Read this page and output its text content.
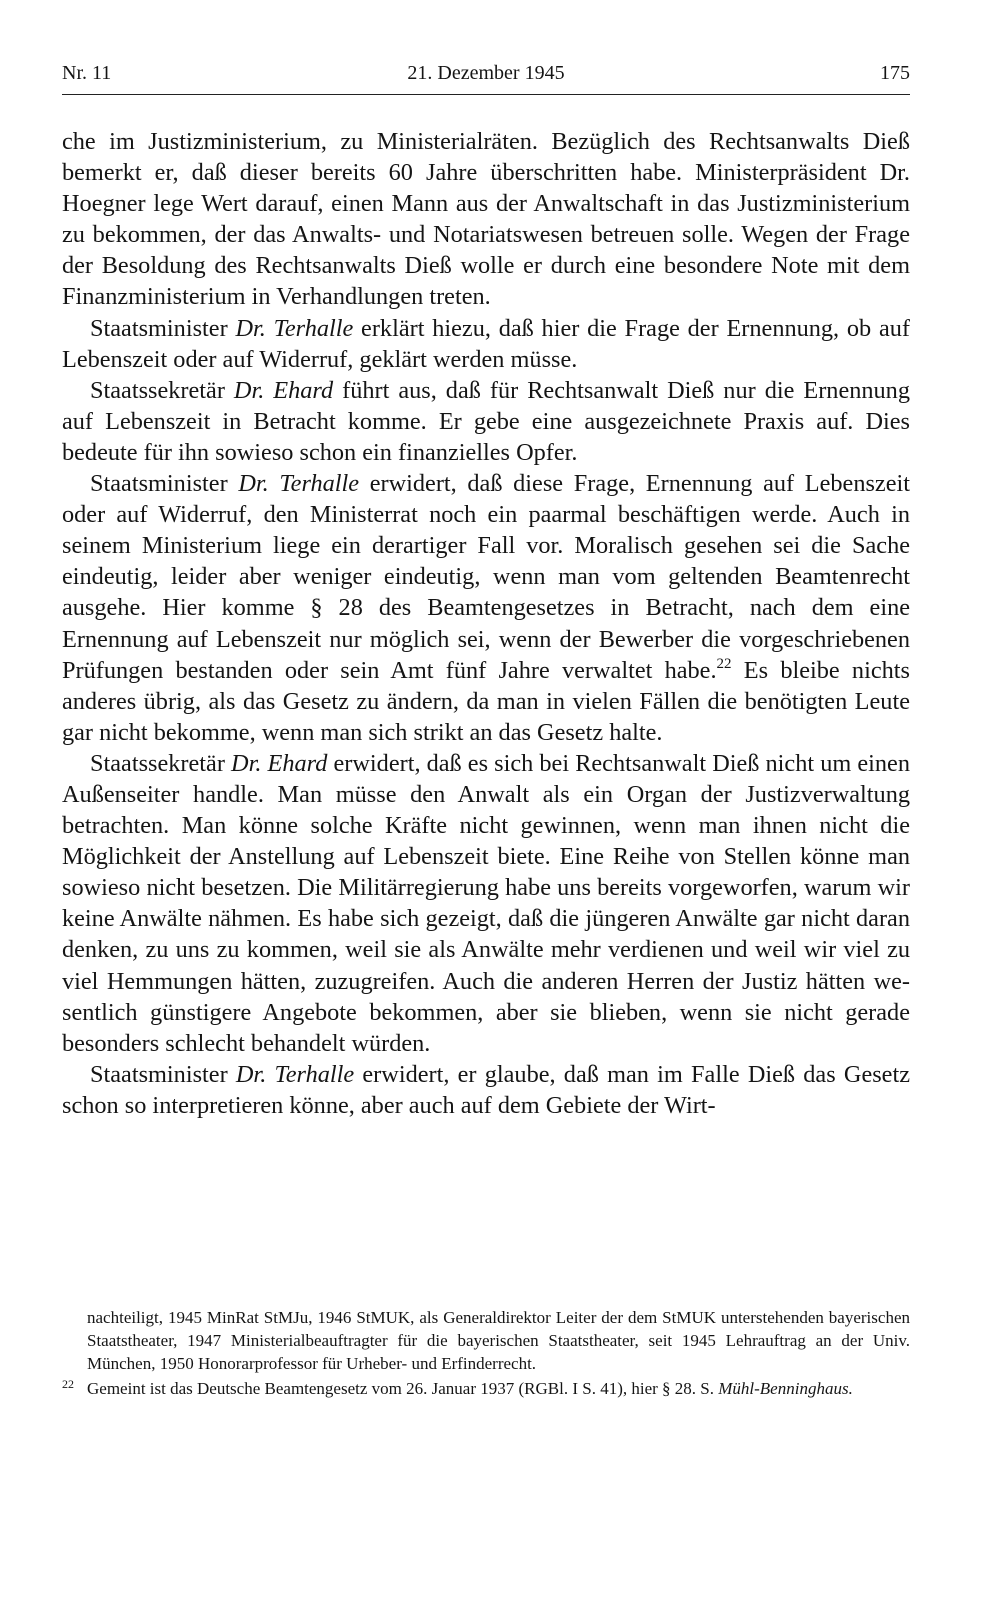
Nr. 11	21. Dezember 1945	175

che im Justizministerium, zu Ministerialräten. Bezüglich des Rechtsanwalts Dieß bemerkt er, daß dieser bereits 60 Jahre überschritten habe. Ministerpräsident Dr. Hoegner lege Wert darauf, einen Mann aus der Anwaltschaft in das Justizministerium zu bekommen, der das Anwalts- und Notariatswesen betreuen solle. Wegen der Frage der Besoldung des Rechtsanwalts Dieß wolle er durch eine besondere Note mit dem Finanzministerium in Verhandlungen treten.

Staatsminister Dr. Terhalle erklärt hiezu, daß hier die Frage der Ernennung, ob auf Lebenszeit oder auf Widerruf, geklärt werden müsse.

Staatssekretär Dr. Ehard führt aus, daß für Rechtsanwalt Dieß nur die Ernennung auf Lebenszeit in Betracht komme. Er gebe eine ausgezeichnete Praxis auf. Dies bedeute für ihn sowieso schon ein finanzielles Opfer.

Staatsminister Dr. Terhalle erwidert, daß diese Frage, Ernennung auf Lebenszeit oder auf Widerruf, den Ministerrat noch ein paarmal beschäftigen werde. Auch in seinem Ministerium liege ein derartiger Fall vor. Moralisch gesehen sei die Sache eindeutig, leider aber weniger eindeutig, wenn man vom geltenden Beamtenrecht ausgehe. Hier komme § 28 des Beamtengesetzes in Betracht, nach dem eine Ernennung auf Lebenszeit nur möglich sei, wenn der Bewerber die vorgeschriebenen Prüfungen bestanden oder sein Amt fünf Jahre verwaltet habe.$^{22}$ Es bleibe nichts anderes übrig, als das Gesetz zu ändern, da man in vielen Fällen die benötigten Leute gar nicht bekomme, wenn man sich strikt an das Gesetz halte.

Staatssekretär Dr. Ehard erwidert, daß es sich bei Rechtsanwalt Dieß nicht um einen Außenseiter handle. Man müsse den Anwalt als ein Organ der Justizverwaltung betrachten. Man könne solche Kräfte nicht gewinnen, wenn man ihnen nicht die Möglichkeit der Anstellung auf Lebenszeit biete. Eine Reihe von Stellen könne man sowieso nicht besetzen. Die Militärregierung habe uns bereits vorgeworfen, warum wir keine Anwälte nähmen. Es habe sich gezeigt, daß die jüngeren Anwälte gar nicht daran denken, zu uns zu kommen, weil sie als Anwälte mehr verdienen und weil wir viel zu viel Hemmungen hätten, zuzugreifen. Auch die anderen Herren der Justiz hätten wesentlich günstigere Angebote bekommen, aber sie blieben, wenn sie nicht gerade besonders schlecht behandelt würden.

Staatsminister Dr. Terhalle erwidert, er glaube, daß man im Falle Dieß das Gesetz schon so interpretieren könne, aber auch auf dem Gebiete der Wirt-

nachteiligt, 1945 MinRat StMJu, 1946 StMUK, als Generaldirektor Leiter der dem StMUK unterstehenden bayerischen Staatstheater, 1947 Ministerialbeauftragter für die bayerischen Staatstheater, seit 1945 Lehrauftrag an der Univ. München, 1950 Honorarprofessor für Urheber- und Erfinderrecht.

22 Gemeint ist das Deutsche Beamtengesetz vom 26. Januar 1937 (RGBl. I S. 41), hier § 28. S. Mühl-Benninghaus.
